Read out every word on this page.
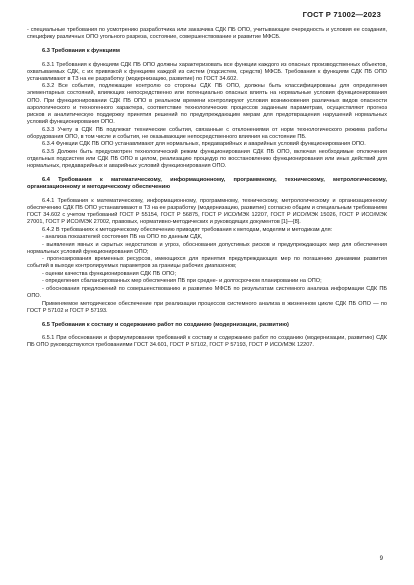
ГОСТ Р 71002—2023

- специальные требования по усмотрению разработчика или заказчика СДК ПБ ОПО, учитывающие очередность и условия ее создания, специфику различных ОПО угольного разреза, состояние, совершенствование и развитие МФСБ.

6.3 Требования к функциям

6.3.1 Требования к функциям СДК ПБ ОПО должны характеризовать все функции каждого из опасных производственных объектов, охватываемых СДК, с их привязкой к функциям каждой из систем (подсистем, средств) МФСБ. Требования к функциям СДК ПБ ОПО устанавливают в ТЗ на ее разработку (модернизацию, развитие) по ГОСТ 34.602.

6.3.2 Все события, подлежащие контролю со стороны СДК ПБ ОПО, должны быть классифицированы для определения элементарных состояний, влияющих непосредственно или потенциально опасных влиять на нормальные условия функционирования ОПО. При функционировании СДК ПБ ОПО в реальном времени контролируют условия возникновения различных видов опасности аэрологического и техногенного характера, соответствие технологических процессов заданным параметрам, осуществляют прогноз рисков и аналитическую поддержку принятия решений по предупреждающим мерам для предотвращения нарушений нормальных условий функционирования ОПО.

6.3.3 Учету в СДК ПБ подлежат технические события, связанные с отклонениями от норм технологического режима работы оборудования ОПО, в том числе и события, не оказывающие непосредственного влияния на состояние ПБ.

6.3.4 Функции СДК ПБ ОПО устанавливают для нормальных, предаварийных и аварийных условий функционирования ОПО.

6.3.5 Должен быть предусмотрен технологический режим функционирования СДК ПБ ОПО, включая необходимые отключения отдельных подсистем или СДК ПБ ОПО в целом, реализацию процедур по восстановлению функционирования или иных действий для нормальных, предаварийных и аварийных условий функционирования ОПО.

6.4 Требования к математическому, информационному, программному, техническому, метрологическому, организационному и методическому обеспечению

6.4.1 Требования к математическому, информационному, программному, техническому, метрологическому и организационному обеспечению СДК ПБ ОПО устанавливают в ТЗ на ее разработку (модернизацию, развитие) согласно общим и специальным требованиям ГОСТ 34.602 с учетом требований ГОСТ Р 55154, ГОСТ Р 56875, ГОСТ Р ИСО/МЭК 12207, ГОСТ Р ИСО/МЭК 15026, ГОСТ Р ИСО/МЭК 27001, ГОСТ Р ИСО/МЭК 27002, правовых, нормативно-методических и руководящих документов [1]—[8].

6.4.2 В требованиях к методическому обеспечению приводят требования к методам, моделям и методикам для:

- анализа показателей состояния ПБ на ОПО по данным СДК,

- выявления явных и скрытых недостатков и угроз, обоснования допустимых рисков и предупреждающих мер для обеспечения нормальных условий функционирования ОПО;

- прогнозирования временных ресурсов, имеющихся для принятия предупреждающих мер по погашению динамики развития событий в выходе контролируемых параметров за границы рабочих диапазонов;

- оценки качества функционирования СДК ПБ ОПО;

- определения сбалансированных мер обеспечения ПБ при средне- и долгосрочном планировании на ОПО;

- обоснования предложений по совершенствованию и развитию МФСБ по результатам системного анализа информации СДК ПБ ОПО.

Применяемое методическое обеспечение при реализации процессов системного анализа в жизненном цикле СДК ПБ ОПО — по ГОСТ Р 57102 и ГОСТ Р 57193.

6.5 Требования к составу и содержанию работ по созданию (модернизации, развитию)

6.5.1 При обосновании и формулировании требований к составу и содержанию работ по созданию (модернизации, развитию) СДК ПБ ОПО руководствуются требованиями ГОСТ 34.601, ГОСТ Р 57102, ГОСТ Р 57193, ГОСТ Р ИСО/МЭК 12207.

9
